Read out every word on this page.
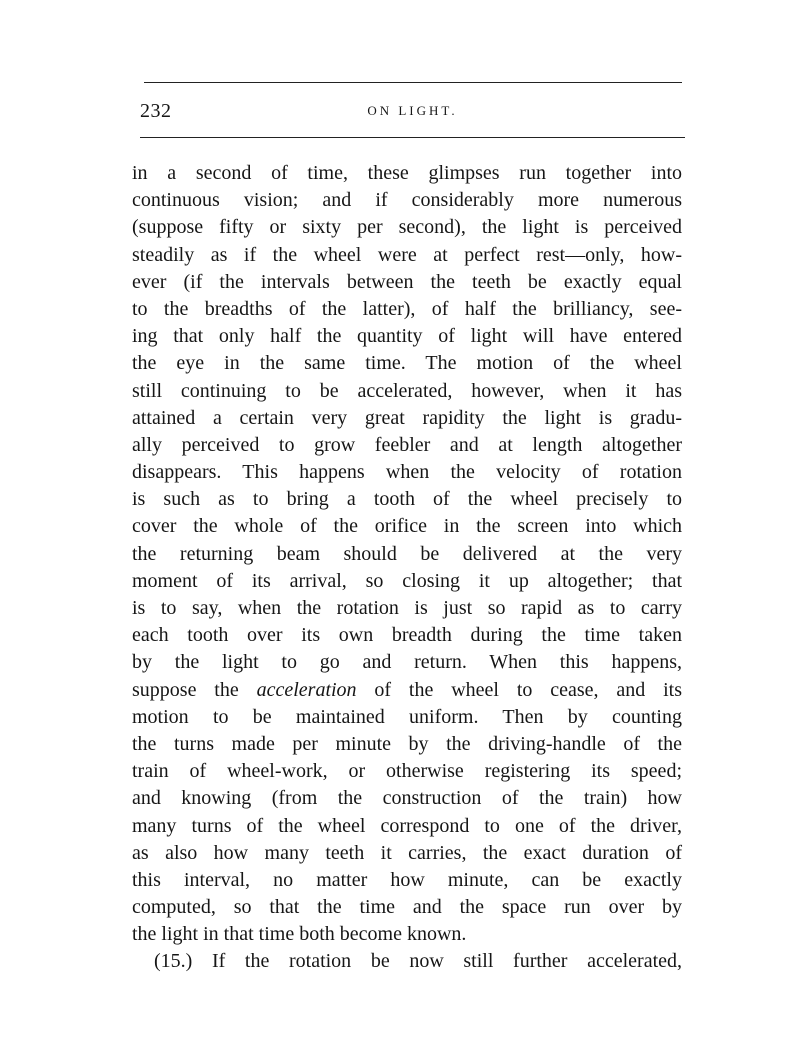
232	ON LIGHT.
in a second of time, these glimpses run together into
continuous vision; and if considerably more numerous
(suppose fifty or sixty per second), the light is perceived
steadily as if the wheel were at perfect rest—only, how-
ever (if the intervals between the teeth be exactly equal
to the breadths of the latter), of half the brilliancy, see-
ing that only half the quantity of light will have entered
the eye in the same time. The motion of the wheel
still continuing to be accelerated, however, when it has
attained a certain very great rapidity the light is gradu-
ally perceived to grow feebler and at length altogether
disappears. This happens when the velocity of rotation
is such as to bring a tooth of the wheel precisely to
cover the whole of the orifice in the screen into which
the returning beam should be delivered at the very
moment of its arrival, so closing it up altogether; that
is to say, when the rotation is just so rapid as to carry
each tooth over its own breadth during the time taken
by the light to go and return. When this happens,
suppose the acceleration of the wheel to cease, and its
motion to be maintained uniform. Then by counting
the turns made per minute by the driving-handle of the
train of wheel-work, or otherwise registering its speed;
and knowing (from the construction of the train) how
many turns of the wheel correspond to one of the driver,
as also how many teeth it carries, the exact duration of
this interval, no matter how minute, can be exactly
computed, so that the time and the space run over by
the light in that time both become known.
(15.) If the rotation be now still further accelerated,
